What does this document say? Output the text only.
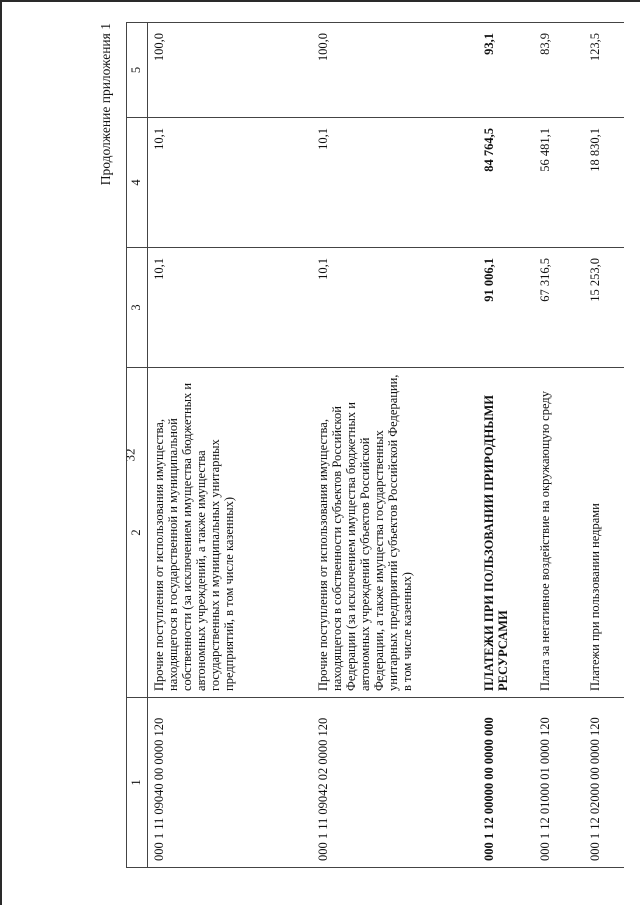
32
Продолжение приложения 1
1	2	3	4	5
000 1 11 09040 00 0000 120	Прочие поступления от использования имущества, находящегося в государственной и муниципальной собственности (за исключением имущества бюджетных и автономных учреждений, а также имущества государственных и муниципальных унитарных предприятий, в том числе казенных)	10,1	10,1	100,0
000 1 11 09042 02 0000 120	Прочие поступления от использования имущества, находящегося в собственности субъектов Российской Федерации (за исключением имущества бюджетных и автономных учреждений субъектов Российской Федерации, а также имущества государственных унитарных предприятий субъектов Российской Федерации, в том числе казенных)	10,1	10,1	100,0
000 1 12 00000 00 0000 000	ПЛАТЕЖИ ПРИ ПОЛЬЗОВАНИИ ПРИРОДНЫМИ РЕСУРСАМИ	91 006,1	84 764,5	93,1
000 1 12 01000 01 0000 120	Плата за негативное воздействие на окружающую среду	67 316,5	56 481,1	83,9
000 1 12 02000 00 0000 120	Платежи при пользовании недрами	15 253,0	18 830,1	123,5
